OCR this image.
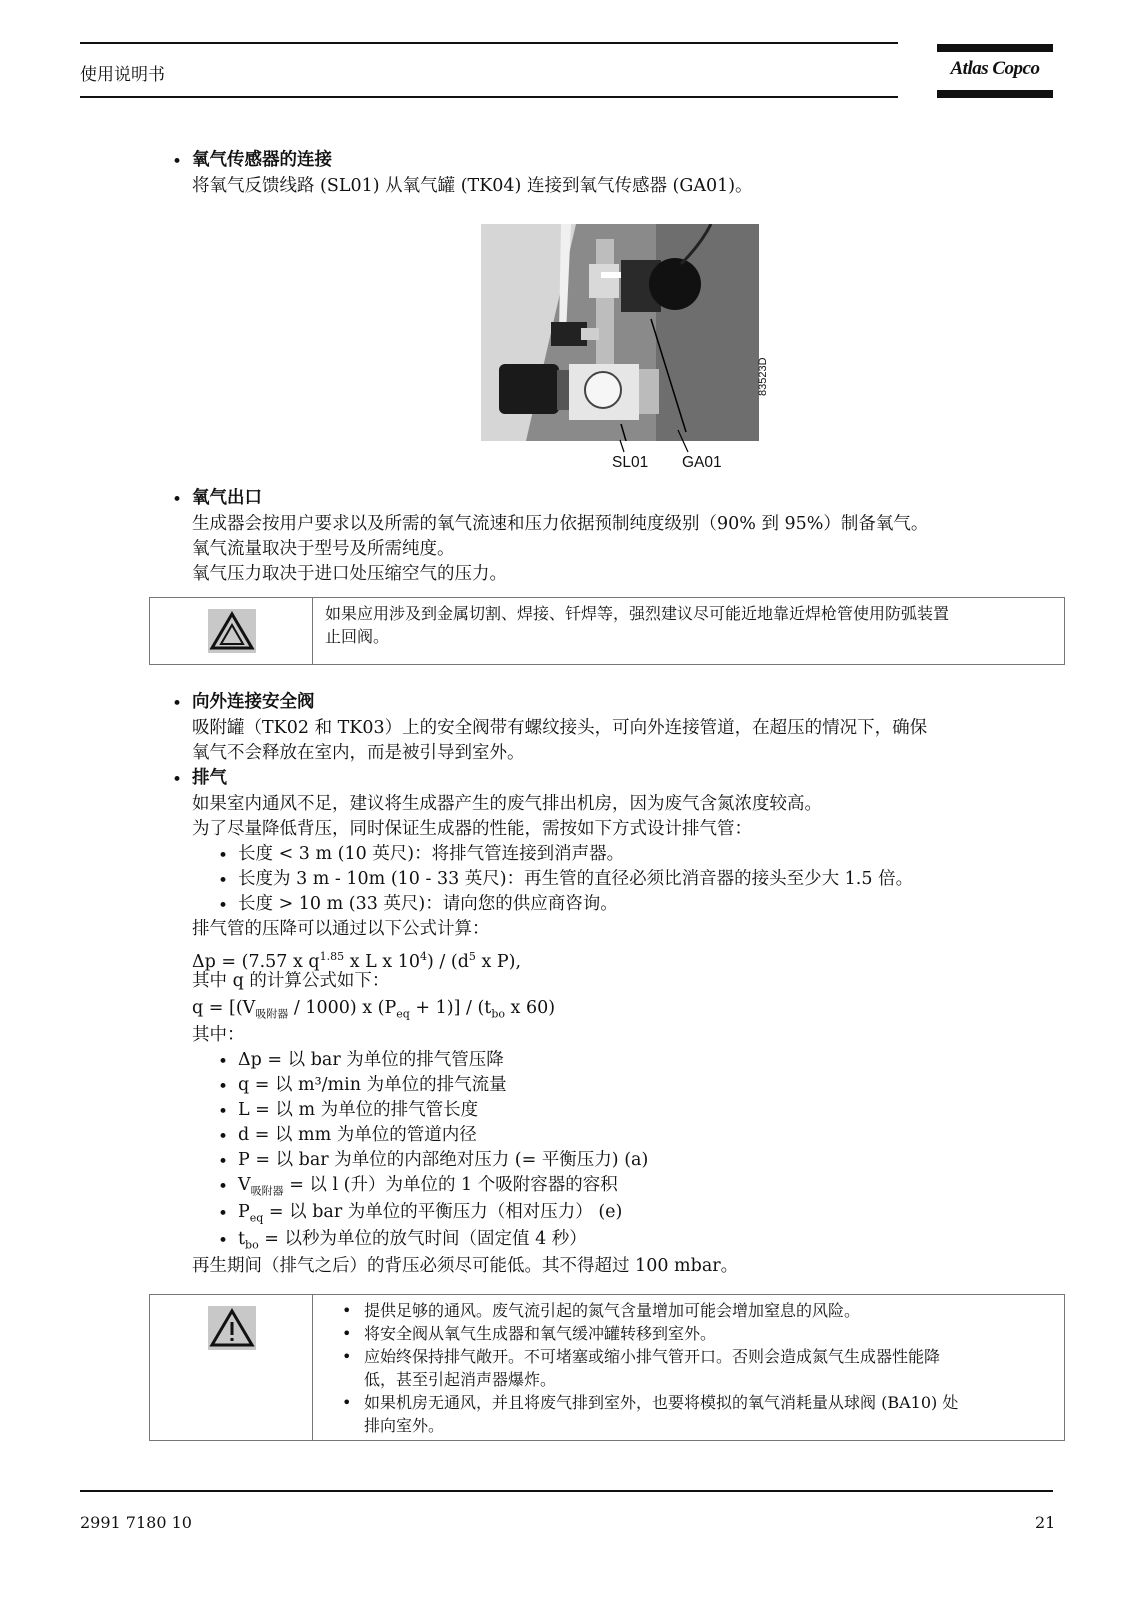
使用说明书	Atlas Copco
• 氧气传感器的连接
将氧气反馈线路 (SL01) 从氧气罐 (TK04) 连接到氧气传感器 (GA01)。
83523D
SL01 GA01
• 氧气出口
生成器会按用户要求以及所需的氧气流速和压力依据预制纯度级别（90% 到 95%）制备氧气。
氧气流量取决于型号及所需纯度。
氧气压力取决于进口处压缩空气的压力。
如果应用涉及到金属切割、焊接、钎焊等，强烈建议尽可能近地靠近焊枪管使用防弧装置
止回阀。
• 向外连接安全阀
吸附罐（TK02 和 TK03）上的安全阀带有螺纹接头，可向外连接管道，在超压的情况下，确保
氧气不会释放在室内，而是被引导到室外。
• 排气
如果室内通风不足，建议将生成器产生的废气排出机房，因为废气含氮浓度较高。
为了尽量降低背压，同时保证生成器的性能，需按如下方式设计排气管：
• 长度 < 3 m (10 英尺)：将排气管连接到消声器。
• 长度为 3 m - 10m (10 - 33 英尺)：再生管的直径必须比消音器的接头至少大 1.5 倍。
• 长度 > 10 m (33 英尺)：请向您的供应商咨询。
排气管的压降可以通过以下公式计算：
Δp = (7.57 x $q^{1.85}$ x L x $10^4) / (d^5$ x P),
其中 q 的计算公式如下：
$q = [(V_{吸附器} / 1000)$ x $(P_{eq} + 1)] / (t_{bo}$ x 60)
其中：
• Δp = 以 bar 为单位的排气管压降
• q = 以 m³/min 为单位的排气流量
• L = 以 m 为单位的排气管长度
• d = 以 mm 为单位的管道内径
• P = 以 bar 为单位的内部绝对压力 (= 平衡压力) (a)
• $V_{吸附器}$ = 以 l (升）为单位的 1 个吸附容器的容积
• $P_{eq}$ = 以 bar 为单位的平衡压力（相对压力） (e)
• $t_{bo}$ = 以秒为单位的放气时间（固定值 4 秒）
再生期间（排气之后）的背压必须尽可能低。其不得超过 100 mbar。
• 提供足够的通风。废气流引起的氮气含量增加可能会增加窒息的风险。
• 将安全阀从氧气生成器和氧气缓冲罐转移到室外。
• 应始终保持排气敞开。不可堵塞或缩小排气管开口。否则会造成氮气生成器性能降
低，甚至引起消声器爆炸。
• 如果机房无通风，并且将废气排到室外，也要将模拟的氧气消耗量从球阀 (BA10) 处
排向室外。
2991 7180 10	21
